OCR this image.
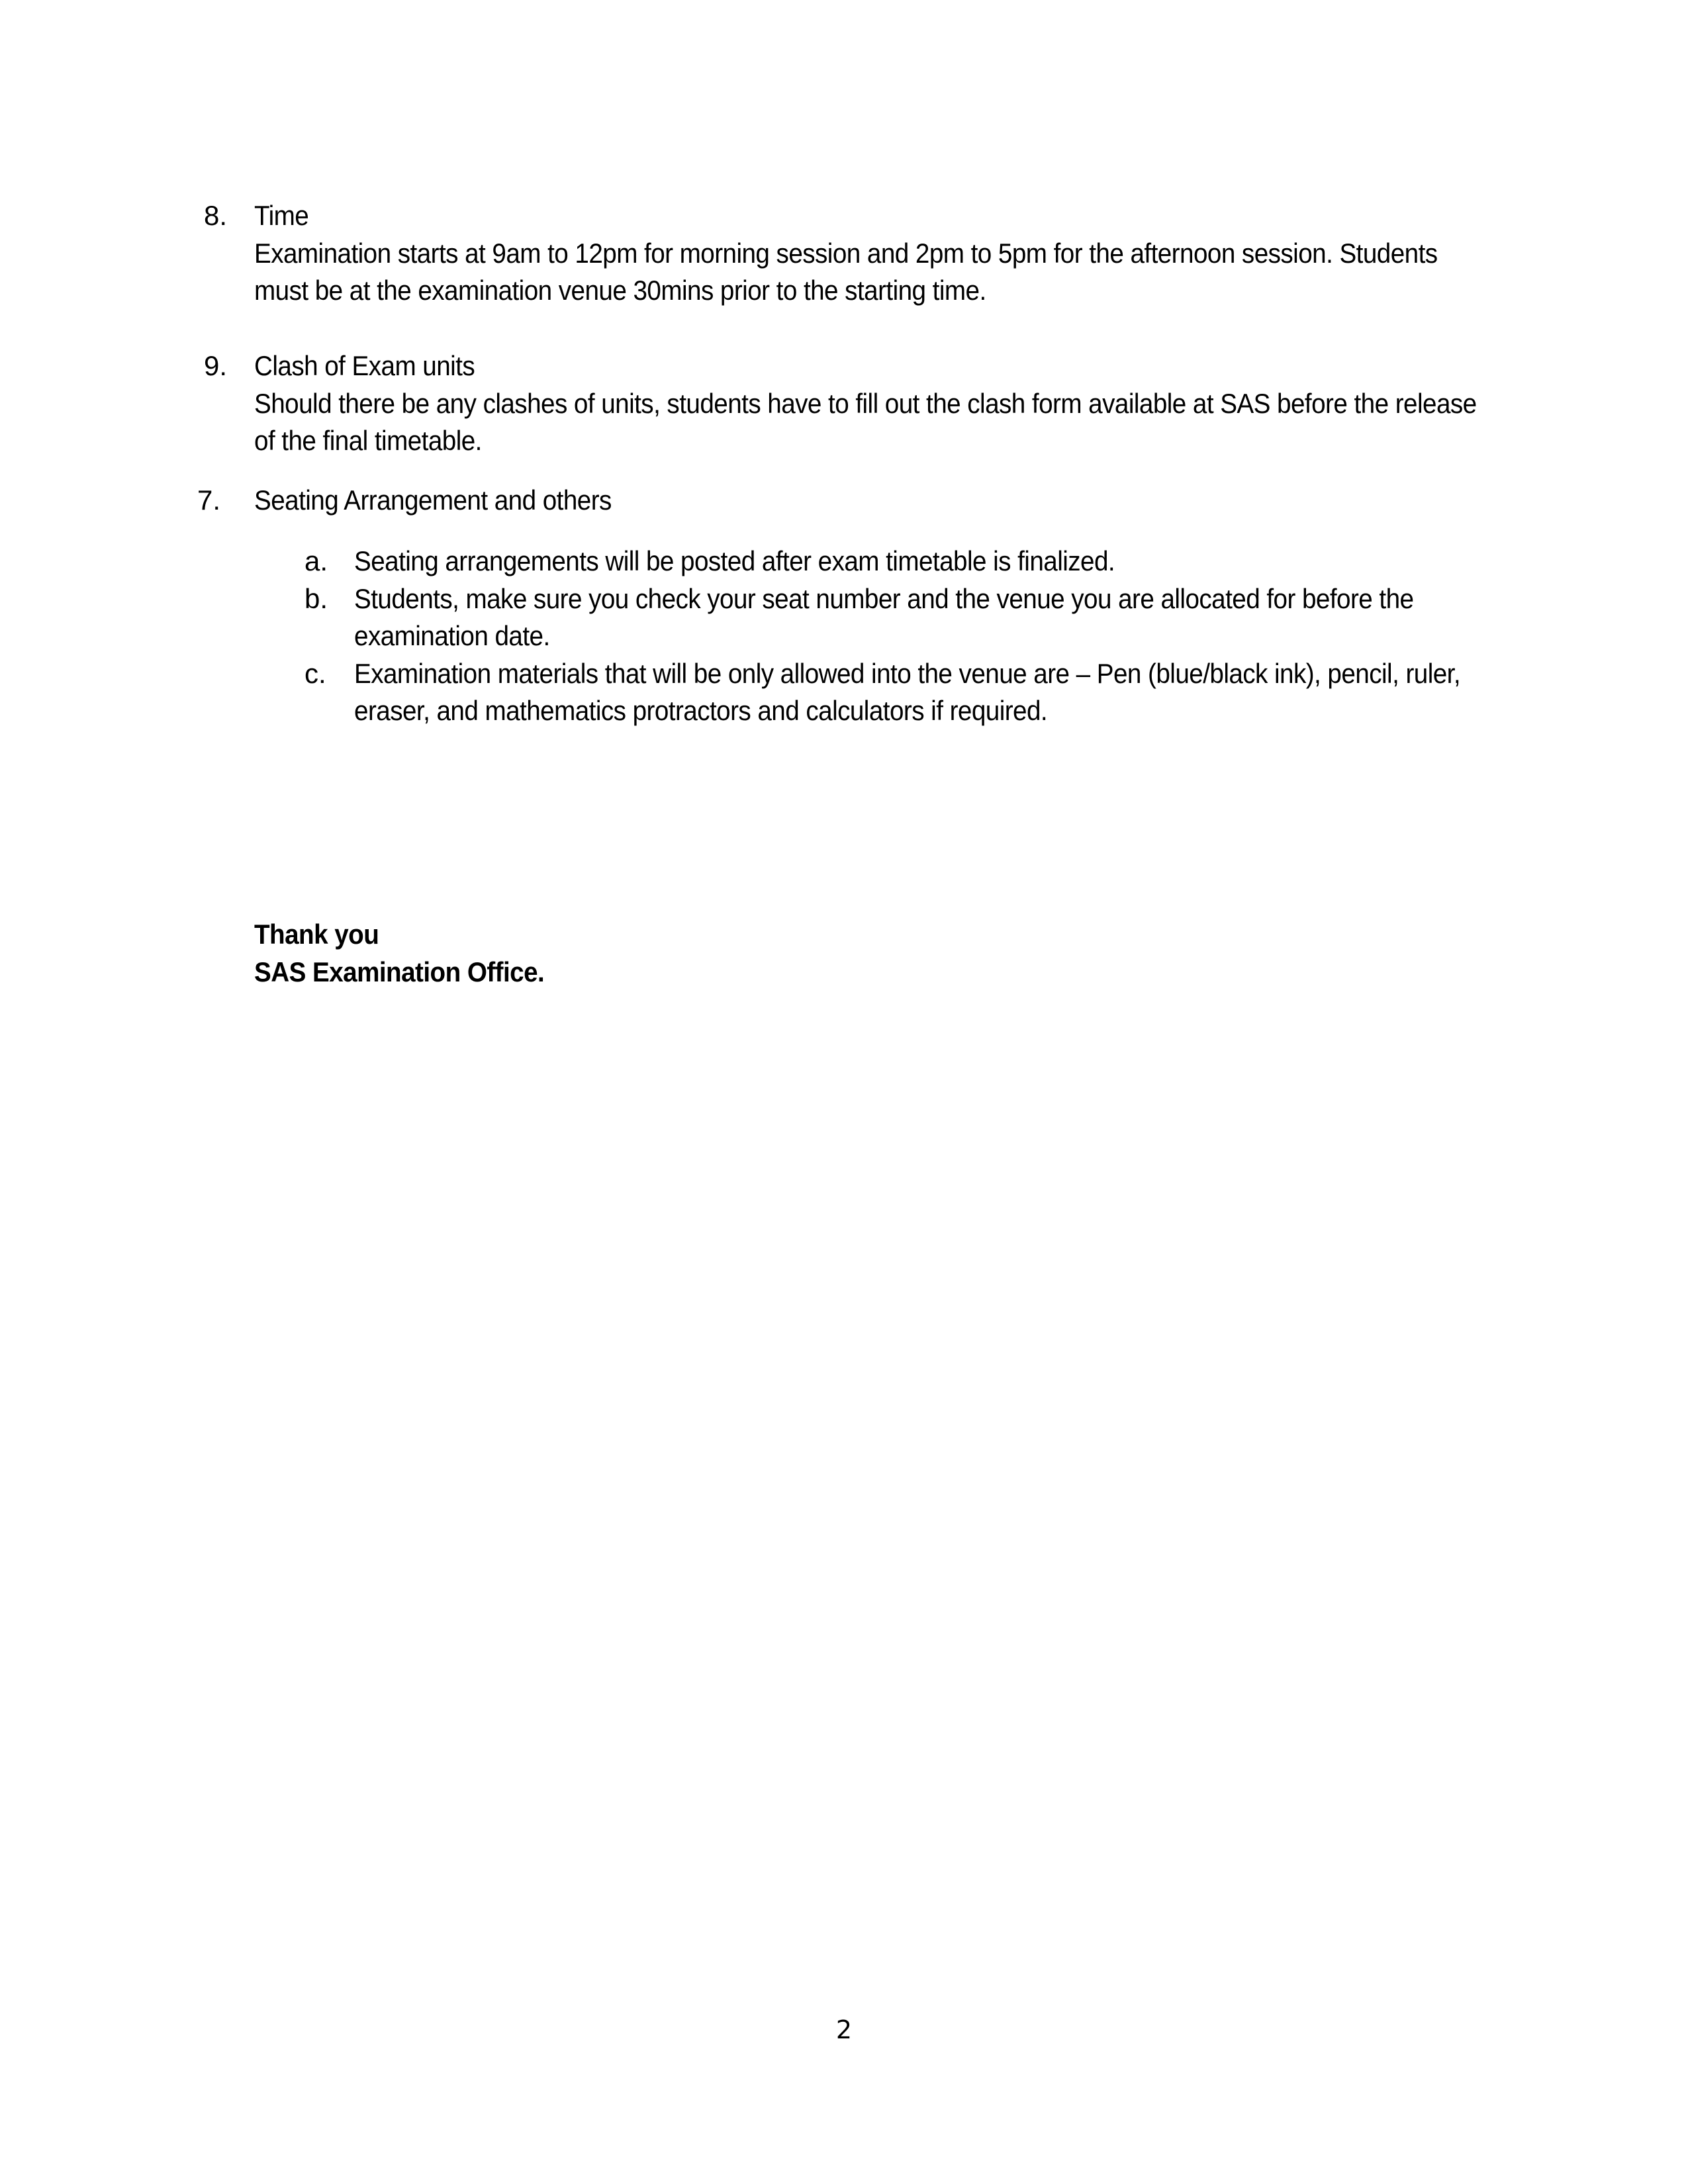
8. Time
Examination starts at 9am to 12pm for morning session and 2pm to 5pm for the afternoon session. Students
must be at the examination venue 30mins prior to the starting time.
9. Clash of Exam units
Should there be any clashes of units, students have to fill out the clash form available at SAS before the release
of the final timetable.
7. Seating Arrangement and others
a. Seating arrangements will be posted after exam timetable is finalized.
b. Students, make sure you check your seat number and the venue you are allocated for before the
examination date.
c. Examination materials that will be only allowed into the venue are – Pen (blue/black ink), pencil, ruler,
eraser, and mathematics protractors and calculators if required.
Thank you
SAS Examination Office.
2
